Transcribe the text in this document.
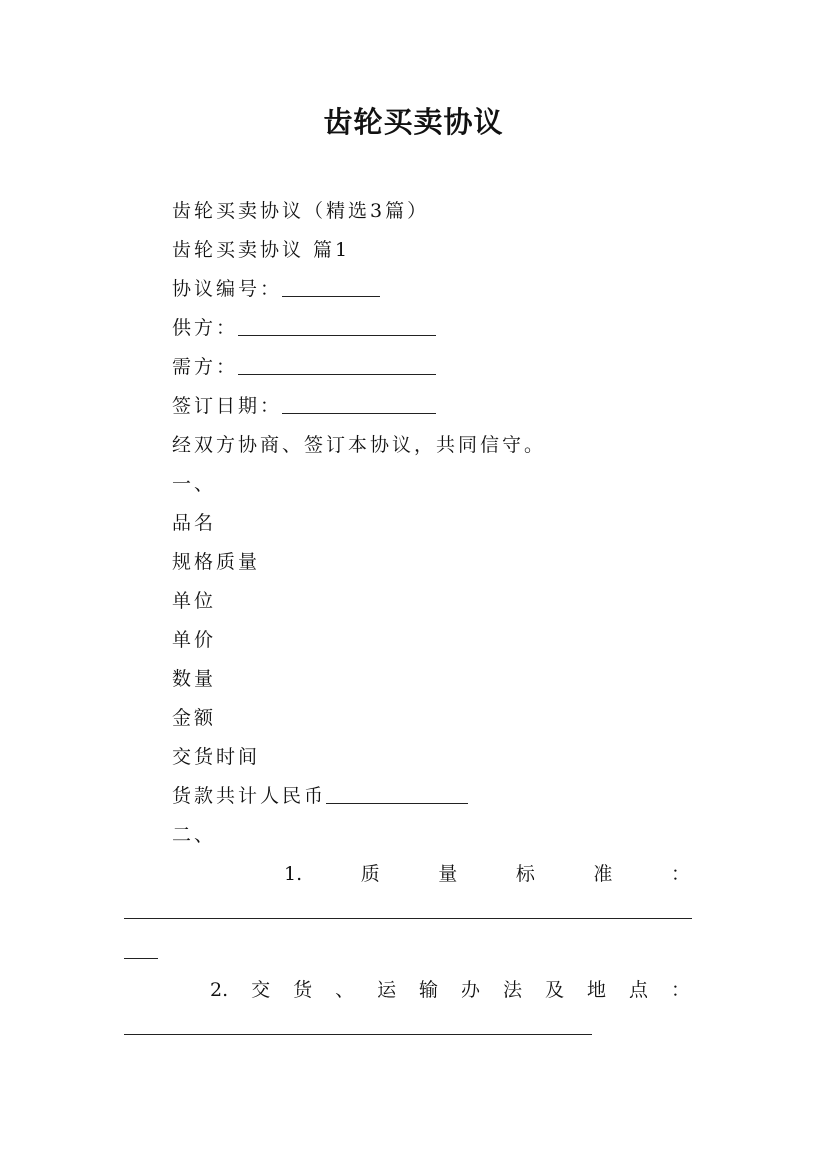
齿轮买卖协议
齿轮买卖协议（精选3篇）
齿轮买卖协议 篇1
协议编号：
供方：
需方：
签订日期：
经双方协商、签订本协议，共同信守。
一、
品名
规格质量
单位
单价
数量
金额
交货时间
货款共计人民币
二、
1.	质	量	标	准	：
2. 交 货 、 运 输 办 法 及 地 点 ：
